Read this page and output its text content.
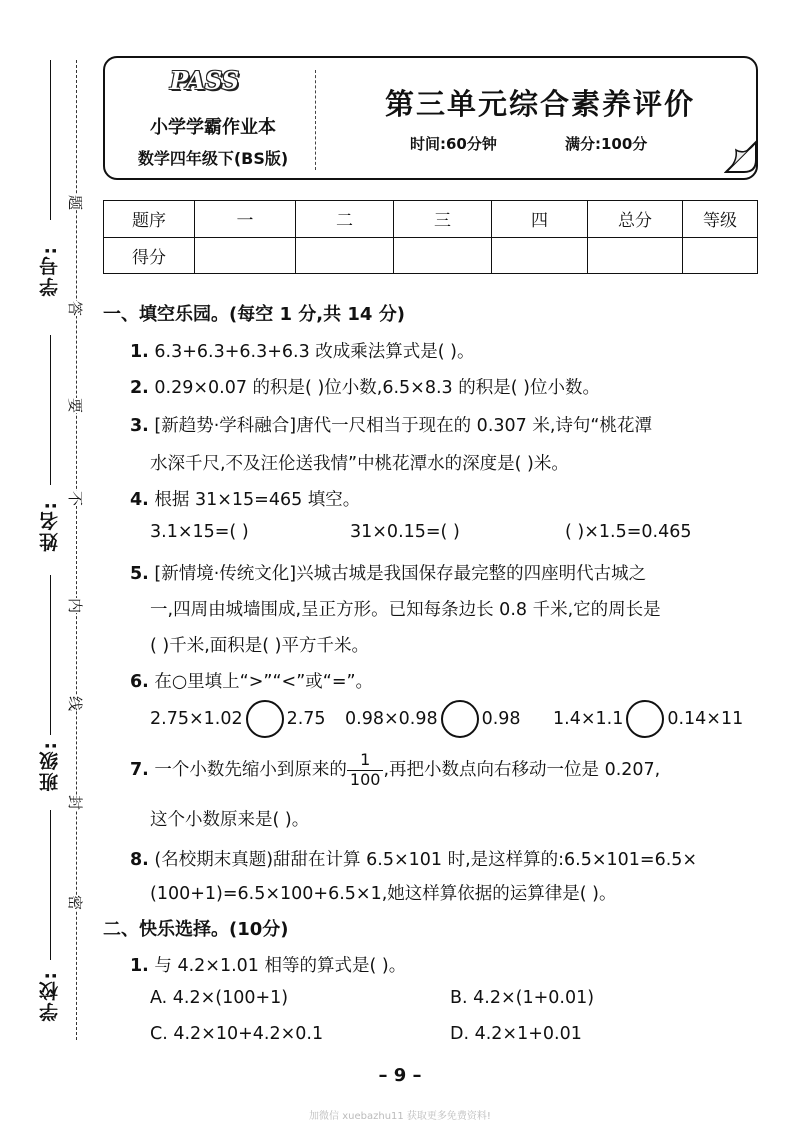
学号:
姓名:
班级:
学校:
题
答
要
不
内
线
封
密
PASS
小学学霸作业本
数学四年级下(BS版)
第三单元综合素养评价
时间:60分钟	满分:100分
题序	一	二	三	四	总分	等级
得分						
一、填空乐园。(每空 1 分,共 14 分)
1. 6.3+6.3+6.3+6.3 改成乘法算式是( )。
2. 0.29×0.07 的积是( )位小数,6.5×8.3 的积是( )位小数。
3. [新趋势·学科融合]唐代一尺相当于现在的 0.307 米,诗句“桃花潭
水深千尺,不及汪伦送我情”中桃花潭水的深度是( )米。
4. 根据 31×15=465 填空。
3.1×15=( )	31×0.15=( )	( )×1.5=0.465
5. [新情境·传统文化]兴城古城是我国保存最完整的四座明代古城之
一,四周由城墙围成,呈正方形。已知每条边长 0.8 千米,它的周长是
( )千米,面积是( )平方千米。
6. 在○里填上“>”“<”或“=”。
2.75×1.02	2.75 0.98×0.98	0.98 1.4×1.1	0.14×11
7. 一个小数先缩小到原来的 $\frac{1}{100}$ ,再把小数点向右移动一位是 0.207,
这个小数原来是( )。
8. (名校期末真题)甜甜在计算 6.5×101 时,是这样算的:6.5×101=6.5×
(100+1)=6.5×100+6.5×1,她这样算依据的运算律是( )。
二、快乐选择。(10分)
1. 与 4.2×1.01 相等的算式是( )。
A. 4.2×(100+1)	B. 4.2×(1+0.01)
C. 4.2×10+4.2×0.1	D. 4.2×1+0.01
– 9 –
加微信 xuebazhu11 获取更多免费资料!
